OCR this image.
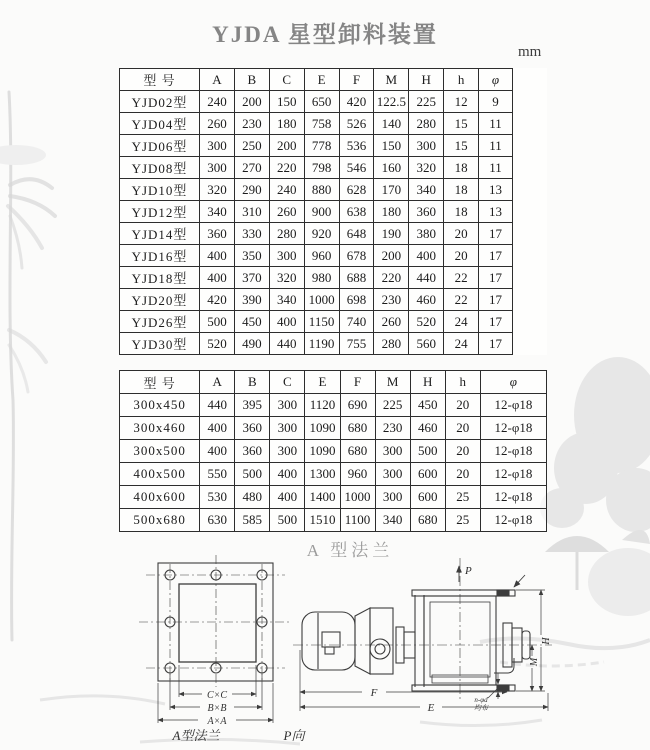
YJDA 星型卸料装置
mm
型 号	A	B	C	E	F	M	H	h	φ
YJD02型	240	200	150	650	420	122.5	225	12	9
YJD04型	260	230	180	758	526	140	280	15	11
YJD06型	300	250	200	778	536	150	300	15	11
YJD08型	300	270	220	798	546	160	320	18	11
YJD10型	320	290	240	880	628	170	340	18	13
YJD12型	340	310	260	900	638	180	360	18	13
YJD14型	360	330	280	920	648	190	380	20	17
YJD16型	400	350	300	960	678	200	400	20	17
YJD18型	400	370	320	980	688	220	440	22	17
YJD20型	420	390	340	1000	698	230	460	22	17
YJD26型	500	450	400	1150	740	260	520	24	17
YJD30型	520	490	440	1190	755	280	560	24	17
型 号	A	B	C	E	F	M	H	h	φ
300x450	440	395	300	1120	690	225	450	20	12-φ18
300x460	400	360	300	1090	680	230	460	20	12-φ18
300x500	400	360	300	1090	680	300	500	20	12-φ18
400x500	550	500	400	1300	960	300	600	20	12-φ18
400x600	530	480	400	1400	1000	300	600	25	12-φ18
500x680	630	585	500	1510	1100	340	680	25	12-φ18
A 型法兰
C×C
B×B
A×A
A型法兰	P向
P
F
E
H
M
n-φd
均布
